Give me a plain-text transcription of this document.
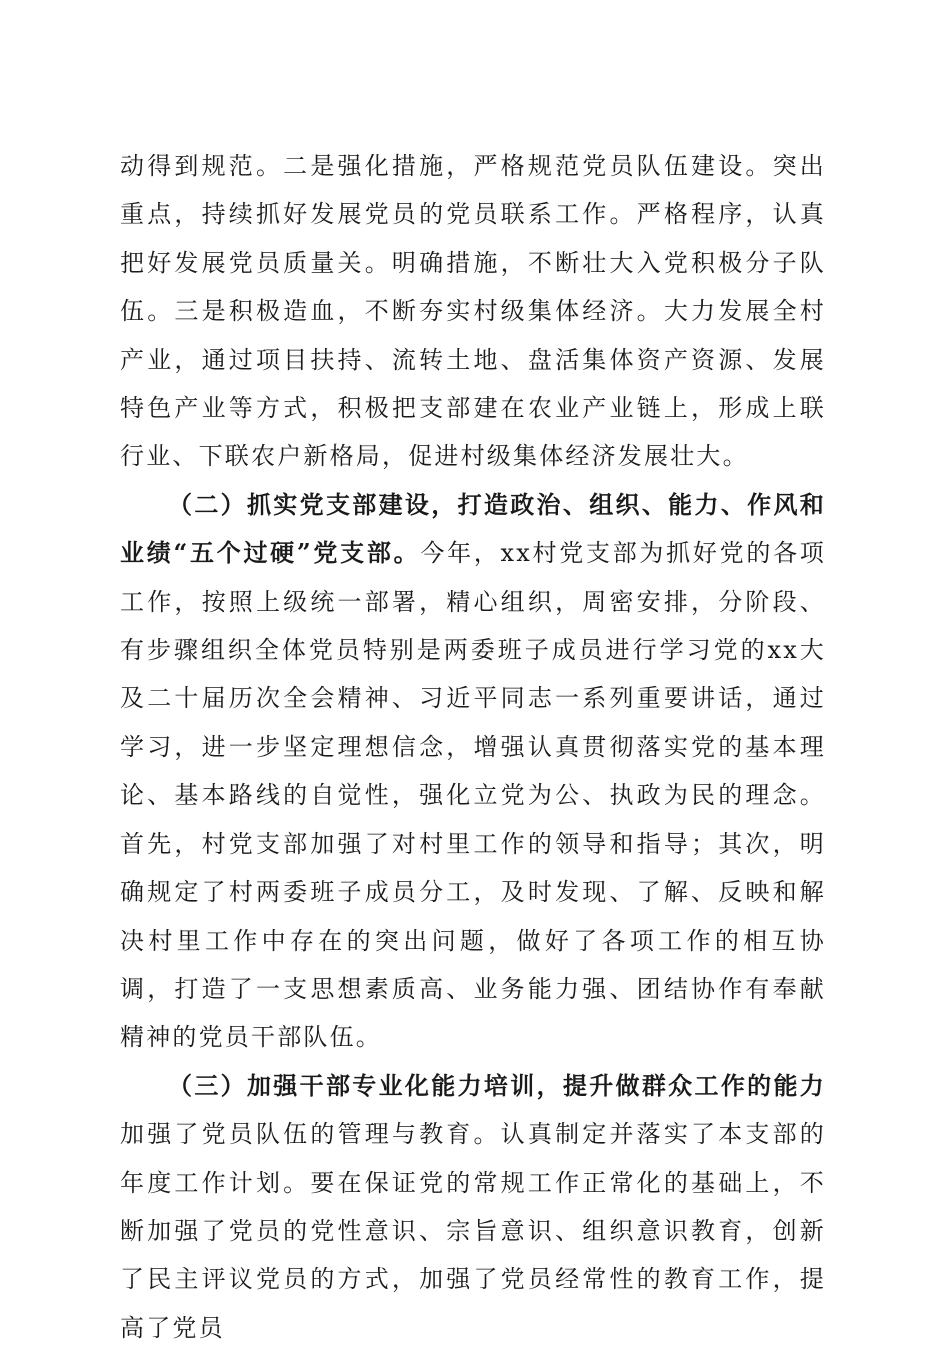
动得到规范。二是强化措施，严格规范党员队伍建设。突出重点，持续抓好发展党员的党员联系工作。严格程序，认真把好发展党员质量关。明确措施，不断壮大入党积极分子队伍。三是积极造血，不断夯实村级集体经济。大力发展全村产业，通过项目扶持、流转土地、盘活集体资产资源、发展特色产业等方式，积极把支部建在农业产业链上，形成上联行业、下联农户新格局，促进村级集体经济发展壮大。

（二）抓实党支部建设，打造政治、组织、能力、作风和业绩“五个过硬”党支部。今年，xx村党支部为抓好党的各项工作，按照上级统一部署，精心组织，周密安排，分阶段、有步骤组织全体党员特别是两委班子成员进行学习党的xx大及二十届历次全会精神、习近平同志一系列重要讲话，通过学习，进一步坚定理想信念，增强认真贯彻落实党的基本理论、基本路线的自觉性，强化立党为公、执政为民的理念。首先，村党支部加强了对村里工作的领导和指导；其次，明确规定了村两委班子成员分工，及时发现、了解、反映和解决村里工作中存在的突出问题，做好了各项工作的相互协调，打造了一支思想素质高、业务能力强、团结协作有奉献精神的党员干部队伍。

（三）加强干部专业化能力培训，提升做群众工作的能力加强了党员队伍的管理与教育。认真制定并落实了本支部的年度工作计划。要在保证党的常规工作正常化的基础上，不断加强了党员的党性意识、宗旨意识、组织意识教育，创新了民主评议党员的方式，加强了党员经常性的教育工作，提高了党员
